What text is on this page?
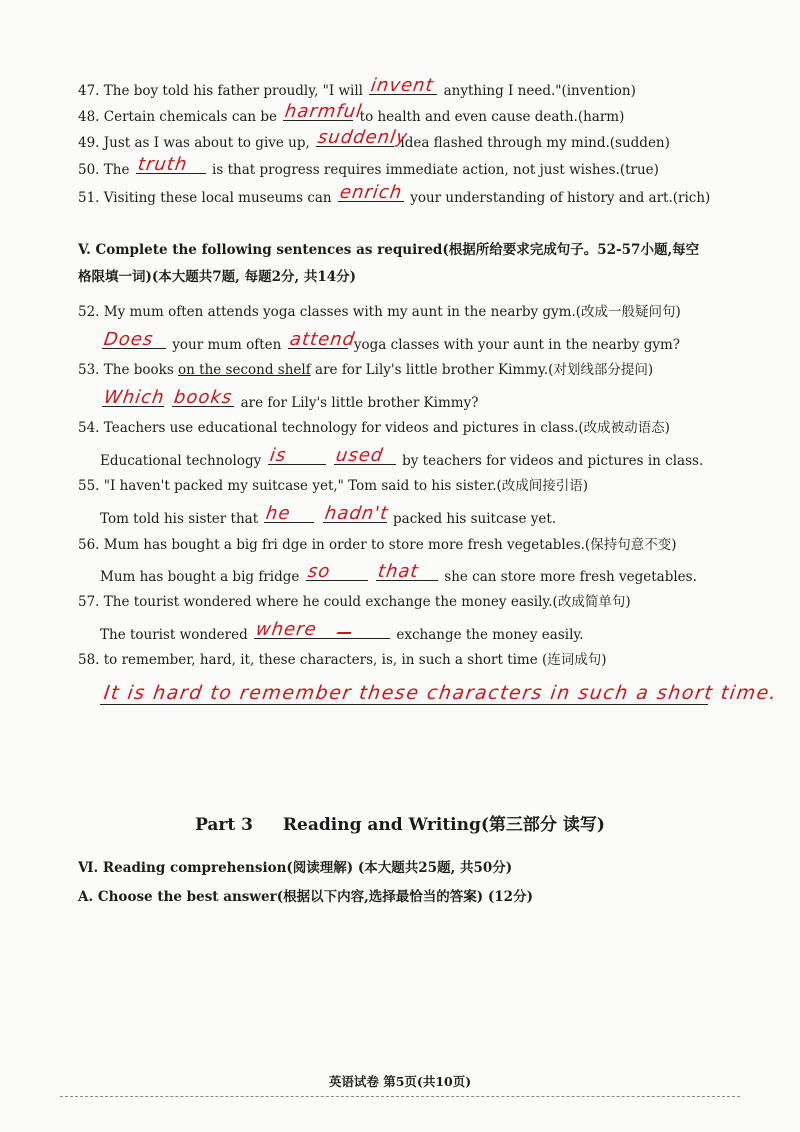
47. The boy told his father proudly, "I will invent anything I need."(invention)
48. Certain chemicals can be harmful
to health and even cause death.(harm)
49. Just as I was about to give up, suddenly
idea flashed through my mind.(sudden)
50. The truth is that progress requires immediate action, not just wishes.(true)
51. Visiting these local museums can enrich your understanding of history and art.(rich)
V. Complete the following sentences as required(根据所给要求完成句子。52-57小题,每空
格限填一词)(本大题共7题, 每题2分, 共14分)
52. My mum often attends yoga classes with my aunt in the nearby gym.(改成一般疑问句)
Does your mum often attend
yoga classes with your aunt in the nearby gym?
53. The books on the second shelf are for Lily's little brother Kimmy.(对划线部分提问)
Which
books are for Lily's little brother Kimmy?
54. Teachers use educational technology for videos and pictures in class.(改成被动语态)
Educational technology is
	used by teachers for videos and pictures in class.
55. "I haven't packed my suitcase yet," Tom said to his sister.(改成间接引语)
Tom told his sister that he
hadn't packed his suitcase yet.
56. Mum has bought a big fri dge in order to store more fresh vegetables.(保持句意不变)
Mum has bought a big fridge so
that she can store more fresh vegetables.
57. The tourist wondered where he could exchange the money easily.(改成简单句)
The tourist wondered where	exchange the money easily.
58. to remember, hard, it, these characters, is, in such a short time (连词成句)
It is hard to remember these characters in such a short time.
Part 3 Reading and Writing(第三部分 读写)
Ⅵ. Reading comprehension(阅读理解) (本大题共25题, 共50分)
A. Choose the best answer(根据以下内容,选择最恰当的答案) (12分)
英语试卷 第5页(共10页)
